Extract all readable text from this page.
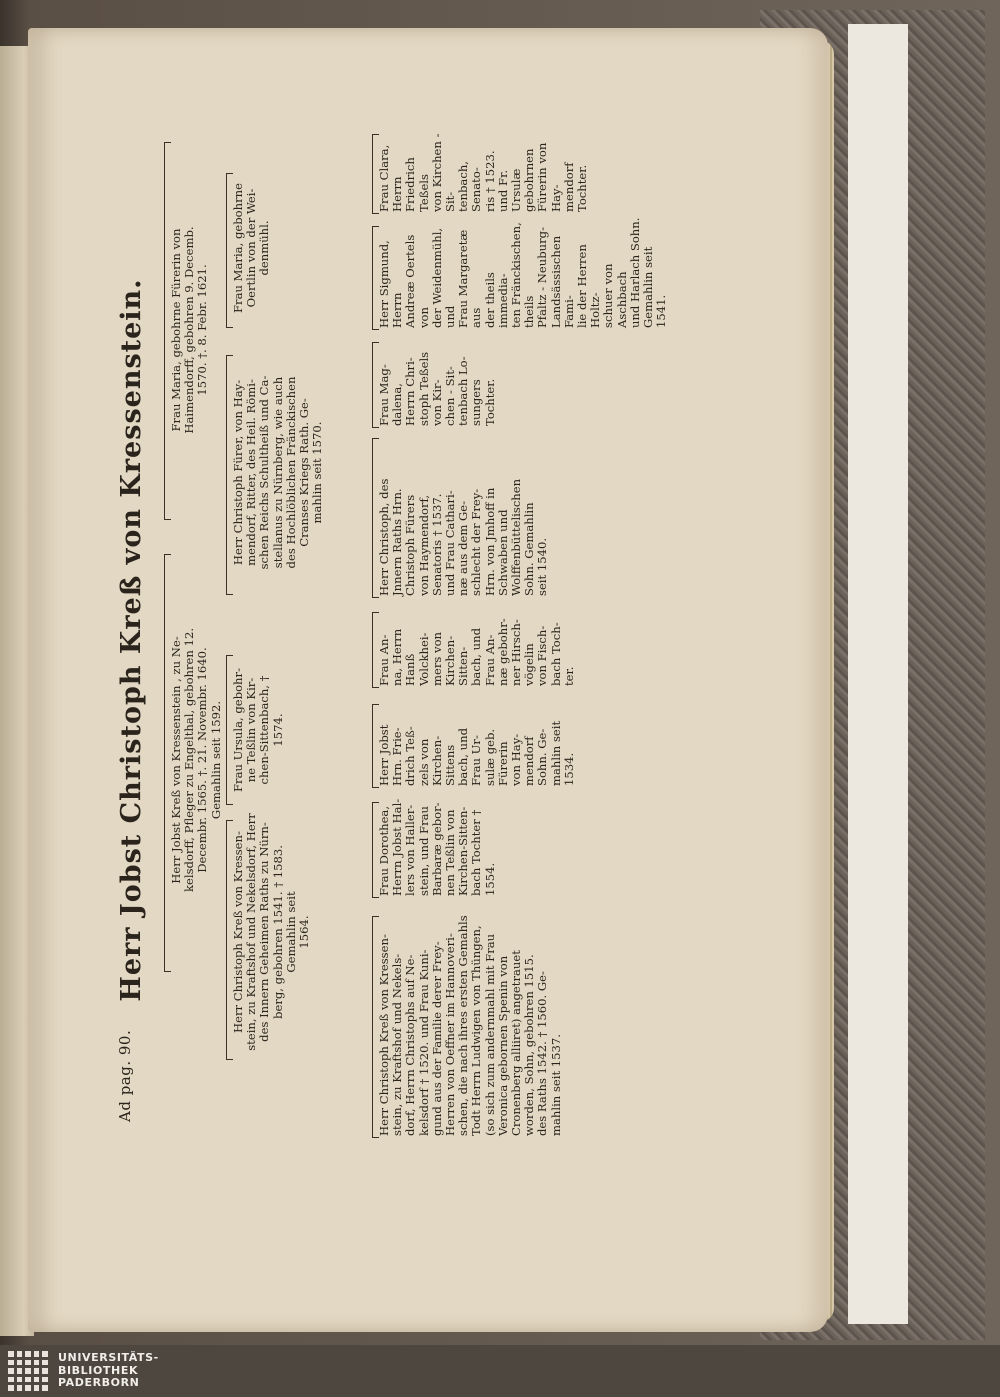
Ad pag. 90.
Herr Jobst Christoph Kreß von Kressenstein. Herr Jobst Kreß von Kressenstein , zu Ne-
kelsdorff, Pfleger zu Engelthal, gebohren 12.
Decembr. 1565. †. 21. Novembr. 1640.
Gemahlin seit 1592.
Frau Maria, gebohrne Fürerin von
Haimendorff, gebohren 9. Decemb.
1570. †. 8. Febr. 1621.
Herr Christoph Kreß von Kressen-
stein, zu Kraftshof und Nekelsdorf, Herr
des Innern Geheimen Raths zu Nürn-
berg, gebohren 1541. † 1583.
Gemahlin seit
1564.
Frau Ursula, gebohr-
ne Teßlin von Kir-
chen-Sittenbach, †
1574.
Herr Christoph Fürer, von Hay-
mendorf, Ritter, des Heil. Römi-
schen Reichs Schultheiß und Ca-
stellanus zu Nürnberg, wie auch
des Hochlöblichen Fränckischen
Cranses Kriegs Rath. Ge-
mahlin seit 1570.
Frau Maria, gebohrne
Oertlin von der Wei-
denmühl.
Herr Christoph Kreß von Kressen-
stein, zu Kraftshof und Nekels-
dorf, Herrn Christophs auf Ne-
kelsdorf † 1520. und Frau Kuni-
gund aus der Familie derer Frey-
Herren von Oeffner im Hannoveri-
schen, die nach ihres ersten Gemahls
Todt Herrn Ludwigen von Thüngen,
(so sich zum andernmahl mit Frau
Veronica gebornen Spenin von
Cronenberg alliiret) angetrauet
worden, Sohn, gebohren 1515.
des Raths 1542. † 1560. Ge-
mahlin seit 1537.
Frau Dorothea,
Herrn Jobst Hal-
lers von Haller-
stein, und Frau
Barbaræ gebor-
nen Teßlin von
Kirchen-Sitten-
bach Tochter †
1554.
Herr Jobst
Hrn. Frie-
drich Teß-
zels von
Kirchen-
Sittens
bach, und
Frau Ur-
sulæ geb.
Fürerin
von Hay-
mendorf
Sohn. Ge-
mahlin seit
1534.
Frau An-
na, Herrn
Hanß
Volckhei-
mers von
Kirchen-
Sitten-
bach, und
Frau An-
næ gebohr-
ner Hirsch-
vögelin
von Fisch-
bach Toch-
ter.
Herr Christoph, des
Jnnern Raths Hrn.
Christoph Fürers
von Haymendorf,
Senatoris † 1537.
und Frau Cathari-
næ aus dem Ge-
schlecht der Frey-
Hrn. von Jmhoff in
Schwaben und
Wolffenbüttelischen
Sohn. Gemahlin
seit 1540.
Frau Mag-
dalena,
Herrn Chri-
stoph Teßels
von Kir-
chen - Sit-
tenbach Lo-
sungers
Tochter.
Herr Sigmund, Herrn
Andreæ Oertels von
der Weidenmühl, und
Frau Margaretæ aus
der theils immedia-
ten Fränckischen, theils
Pfaltz - Neuburg-
Landsässischen Fami-
lie der Herren Holtz-
schuer von Aschbach
und Harlach Sohn.
Gemahlin seit 1541.
Frau Clara, Herrn
Friedrich Teßels
von Kirchen - Sit-
tenbach, Senato-
ris † 1523. und Fr.
Ursulæ gebohrnen
Fürerin von Hay-
mendorf Tochter.
UNIVERSITÄTS-
BIBLIOTHEK
PADERBORN
